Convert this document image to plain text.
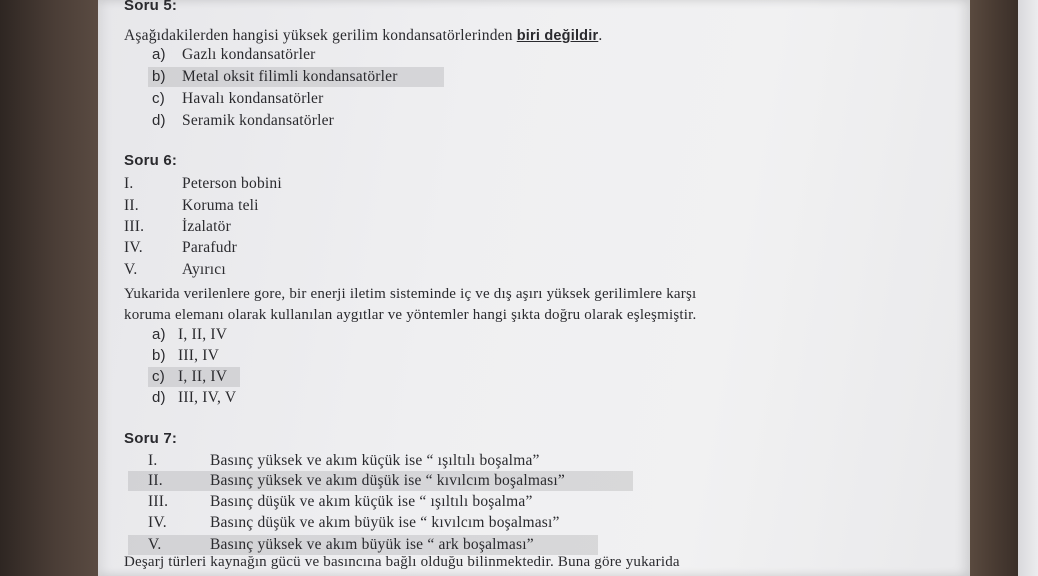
Soru 5:
Aşağıdakilerden hangisi yüksek gerilim kondansatörlerinden biri değildir.
a) Gazlı kondansatörler
b) Metal oksit filimli kondansatörler
c) Havalı kondansatörler
d) Seramik kondansatörler
Soru 6:
I.	Peterson bobini
II.	Koruma teli
III. İzalatör
IV.	Parafudr
V.	Ayırıcı
Yukarida verilenlere gore, bir enerji iletim sisteminde iç ve dış aşırı yüksek gerilimlere karşı
koruma elemanı olarak kullanılan aygıtlar ve yöntemler hangi şıkta doğru olarak eşleşmiştir.
a) I, II, IV
b) III, IV
c) I, II, IV
d) III, IV, V
Soru 7:
I.	Basınç yüksek ve akım küçük ise “ ışıltılı boşalma”
II.	Basınç yüksek ve akım düşük ise “ kıvılcım boşalması”
III.	Basınç düşük ve akım küçük ise “ ışıltılı boşalma”
IV.	Basınç düşük ve akım büyük ise “ kıvılcım boşalması”
V.	Basınç yüksek ve akım büyük ise “ ark boşalması”
Deşarj türleri kaynağın gücü ve basıncına bağlı olduğu bilinmektedir. Buna göre yukarida
